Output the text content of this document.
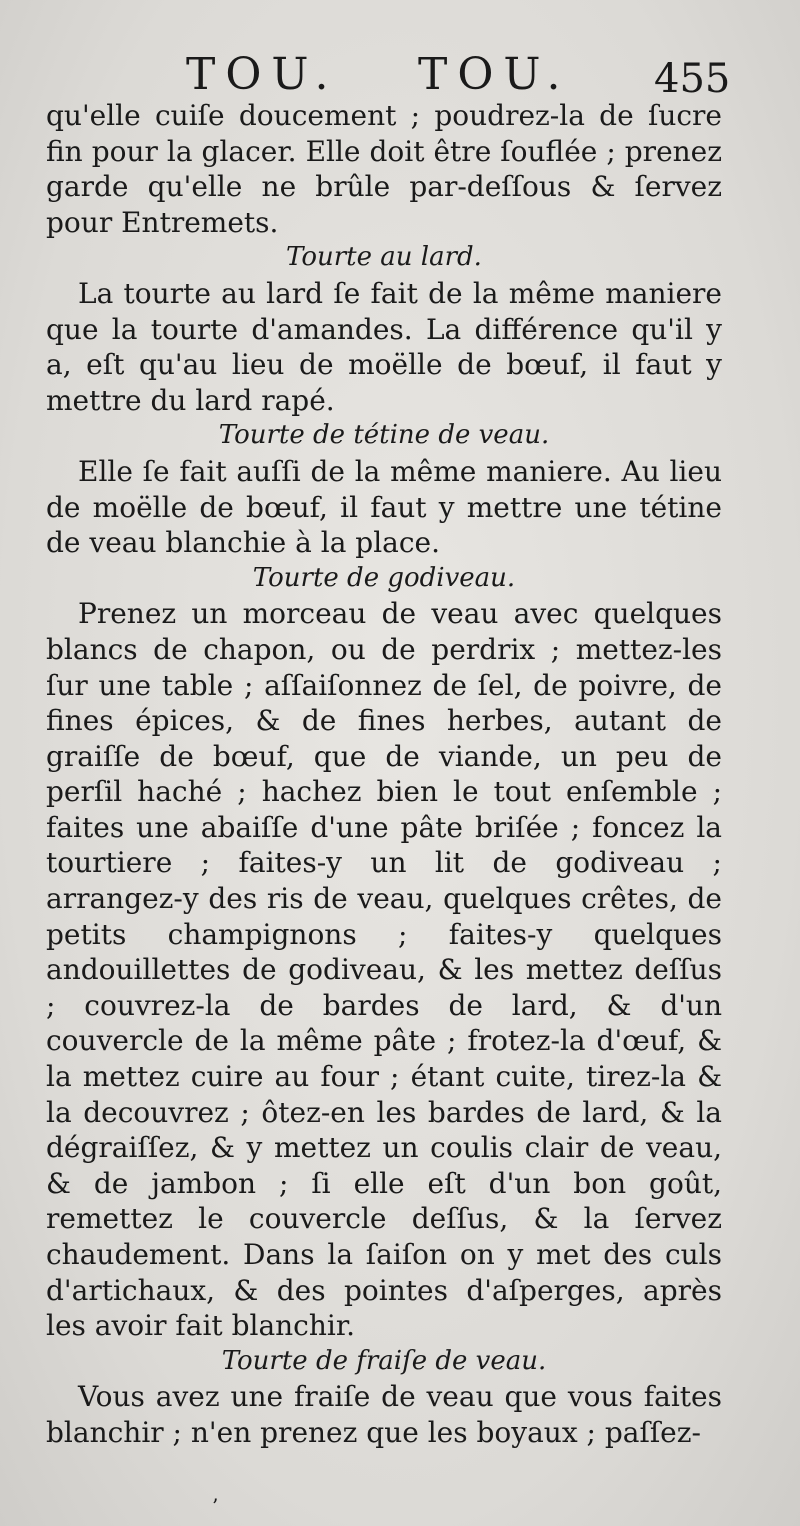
TOU. TOU. 455

qu'elle cuiſe doucement ; poudrez-la de ſucre fin pour la glacer. Elle doit être ſouflée ; prenez garde qu'elle ne brûle par-deſſous & ſervez pour Entremets.

Tourte au lard.

La tourte au lard ſe fait de la même maniere que la tourte d'amandes. La différence qu'il y a, eſt qu'au lieu de moëlle de bœuf, il faut y mettre du lard rapé.

Tourte de tétine de veau.

Elle ſe fait auſſi de la même maniere. Au lieu de moëlle de bœuf, il faut y mettre une tétine de veau blanchie à la place.

Tourte de godiveau.

Prenez un morceau de veau avec quelques blancs de chapon, ou de perdrix ; mettez-les ſur une table ; aſſaiſonnez de ſel, de poivre, de fines épices, & de fines herbes, autant de graiſſe de bœuf, que de viande, un peu de perſil haché ; hachez bien le tout enſemble ; faites une abaiſſe d'une pâte briſée ; foncez la tourtiere ; faites-y un lit de godiveau ; arrangez-y des ris de veau, quelques crêtes, de petits champignons ; faites-y quelques andouillettes de godiveau, & les mettez deſſus ; couvrez-la de bardes de lard, & d'un couvercle de la même pâte ; frotez-la d'œuf, & la mettez cuire au four ; étant cuite, tirez-la & la decouvrez ; ôtez-en les bardes de lard, & la dégraiſſez, & y mettez un coulis clair de veau, & de jambon ; ſi elle eſt d'un bon goût, remettez le couvercle deſſus, & la ſervez chaudement. Dans la ſaiſon on y met des culs d'artichaux, & des pointes d'aſperges, après les avoir fait blanchir.

Tourte de fraiſe de veau.

Vous avez une fraiſe de veau que vous faites blanchir ; n'en prenez que les boyaux ; paſſez-

’
